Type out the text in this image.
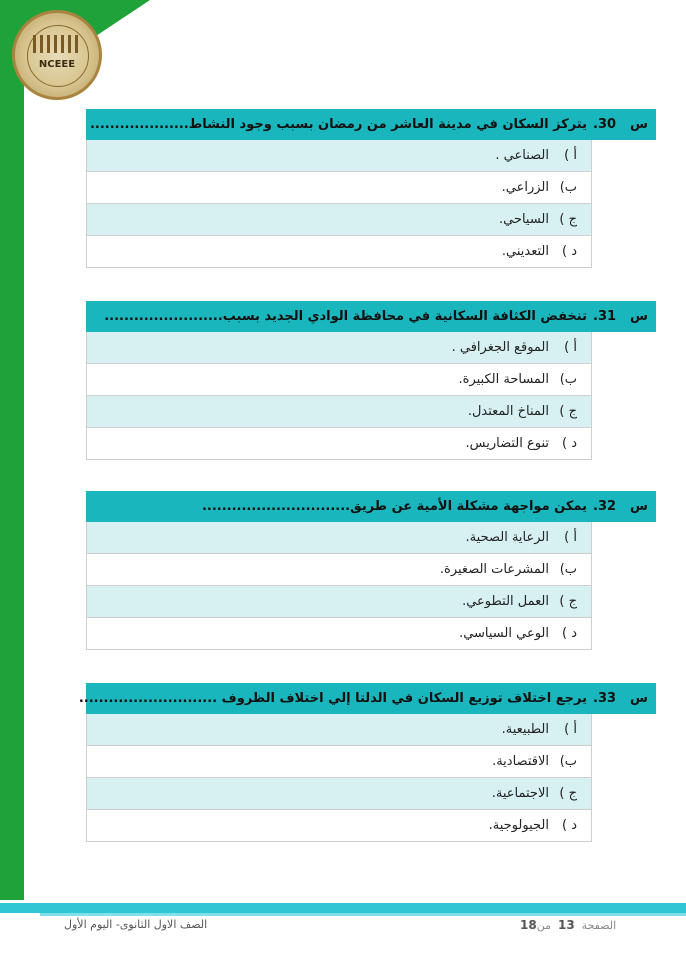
NCEEE
س
30.
يتركز السكان في مدينة العاشر من رمضان بسبب وجود النشاط....................
أ )
الصناعي .
ب)
الزراعي.
ج )
السياحي.
د )
التعديني.
س
31.
تنخفض الكثافة السكانية في محافظة الوادي الجديد بسبب........................
أ )
الموقع الجغرافي .
ب)
المساحة الكبيرة.
ج )
المناخ المعتدل.
د )
تنوع التضاريس.
س
32.
يمكن مواجهة مشكلة الأمية عن طريق..............................
أ )
الرعاية الصحية.
ب)
المشرعات الصغيرة.
ج )
العمل التطوعي.
د )
الوعي السياسي.
س
33.
يرجع اختلاف توزيع السكان في الدلتا إلي اختلاف الظروف ............................
أ )
الطبيعية.
ب)
الاقتصادية.
ج )
الاجتماعية.
د )
الجيولوجية.
الصفحة  13  من18
الصف الاول الثانوى- اليوم الأول
